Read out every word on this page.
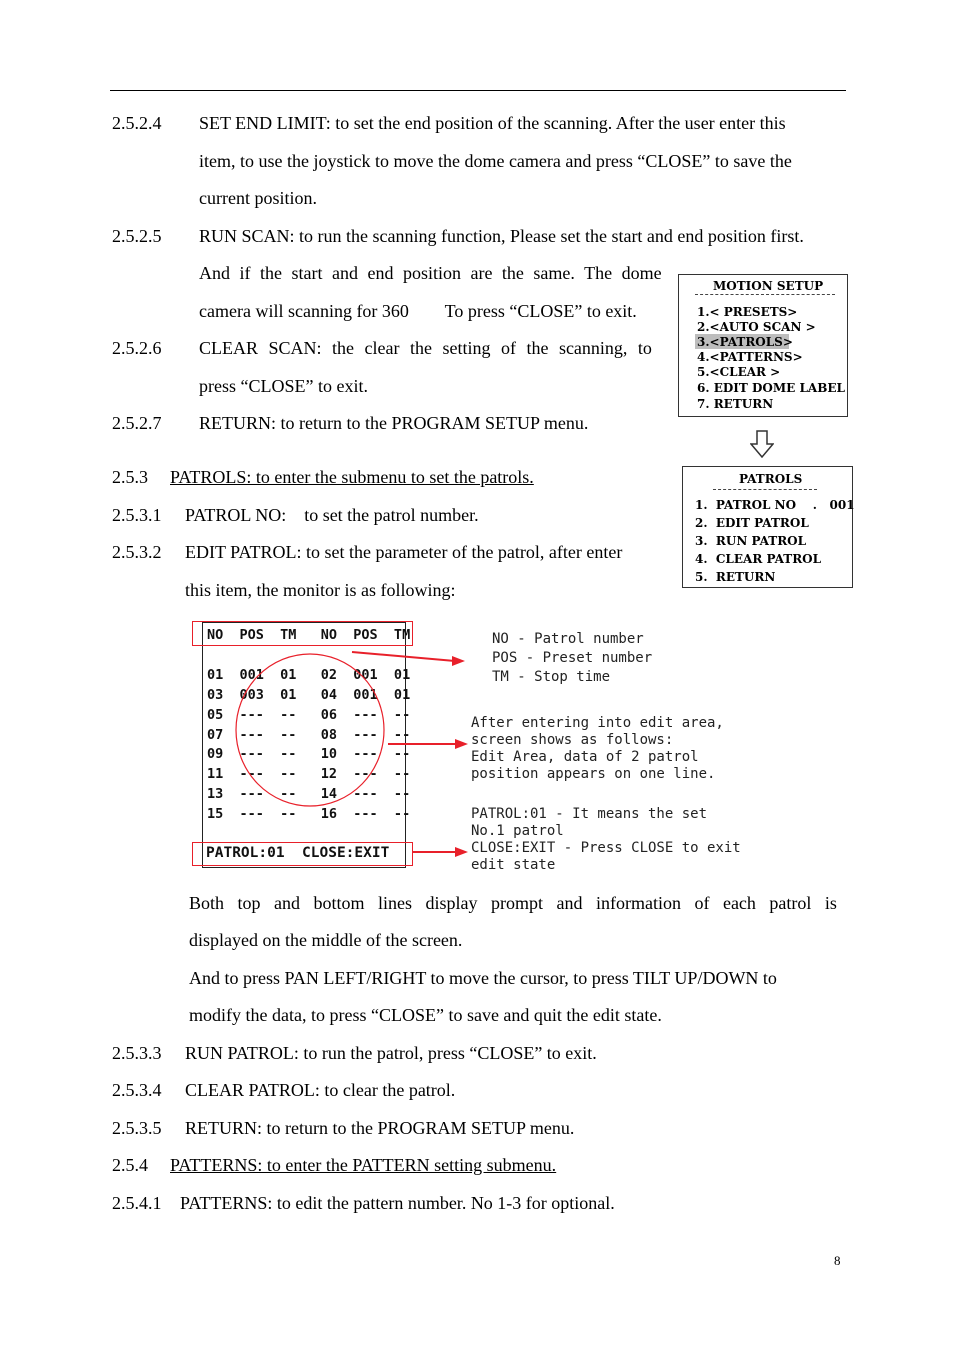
2.5.2.4 SET END LIMIT: to set the end position of the scanning. After the user enter this
item, to use the joystick to move the dome camera and press “CLOSE” to save the
current position.
2.5.2.5 RUN SCAN: to run the scanning function, Please set the start and end position first.
And if the start and end position are the same. The dome
camera will scanning for 360        To press “CLOSE” to exit.
2.5.2.6 CLEAR SCAN: the clear the setting of the scanning, to
press “CLOSE” to exit.
2.5.2.7 RETURN: to return to the PROGRAM SETUP menu.
2.5.3 PATROLS: to enter the submenu to set the patrols.
2.5.3.1 PATROL NO:    to set the patrol number.
2.5.3.2 EDIT PATROL: to set the parameter of the patrol, after enter
this item, the monitor is as following:
MOTION SETUP
1.< PRESETS>
2.<AUTO SCAN >
3.<PATROLS>
4.<PATTERNS>
5.<CLEAR >
6. EDIT DOME LABEL
7. RETURN
PATROLS
1.  PATROL NO    .   001
2.  EDIT PATROL
3.  RUN PATROL
4.  CLEAR PATROL
5.  RETURN
NO  POS  TM   NO  POS  TM
01  001  01   02  001  01
03  003  01   04  001  01
05  ---  --   06  ---  --
07  ---  --   08  ---  --
09  ---  --   10  ---  --
11  ---  --   12  ---  --
13  ---  --   14  ---  --
15  ---  --   16  ---  --
PATROL:01  CLOSE:EXIT
NO - Patrol number
POS - Preset number
TM - Stop time
After entering into edit area,
screen shows as follows:
Edit Area, data of 2 patrol
position appears on one line.
PATROL:01 - It means the set
No.1 patrol
CLOSE:EXIT - Press CLOSE to exit
edit state
Both top and bottom lines display prompt and information of each patrol is
displayed on the middle of the screen.
And to press PAN LEFT/RIGHT to move the cursor, to press TILT UP/DOWN to
modify the data, to press “CLOSE” to save and quit the edit state.
2.5.3.3 RUN PATROL: to run the patrol, press “CLOSE” to exit.
2.5.3.4 CLEAR PATROL: to clear the patrol.
2.5.3.5 RETURN: to return to the PROGRAM SETUP menu.
2.5.4 PATTERNS: to enter the PATTERN setting submenu.
2.5.4.1 PATTERNS: to edit the pattern number. No 1-3 for optional.
8
